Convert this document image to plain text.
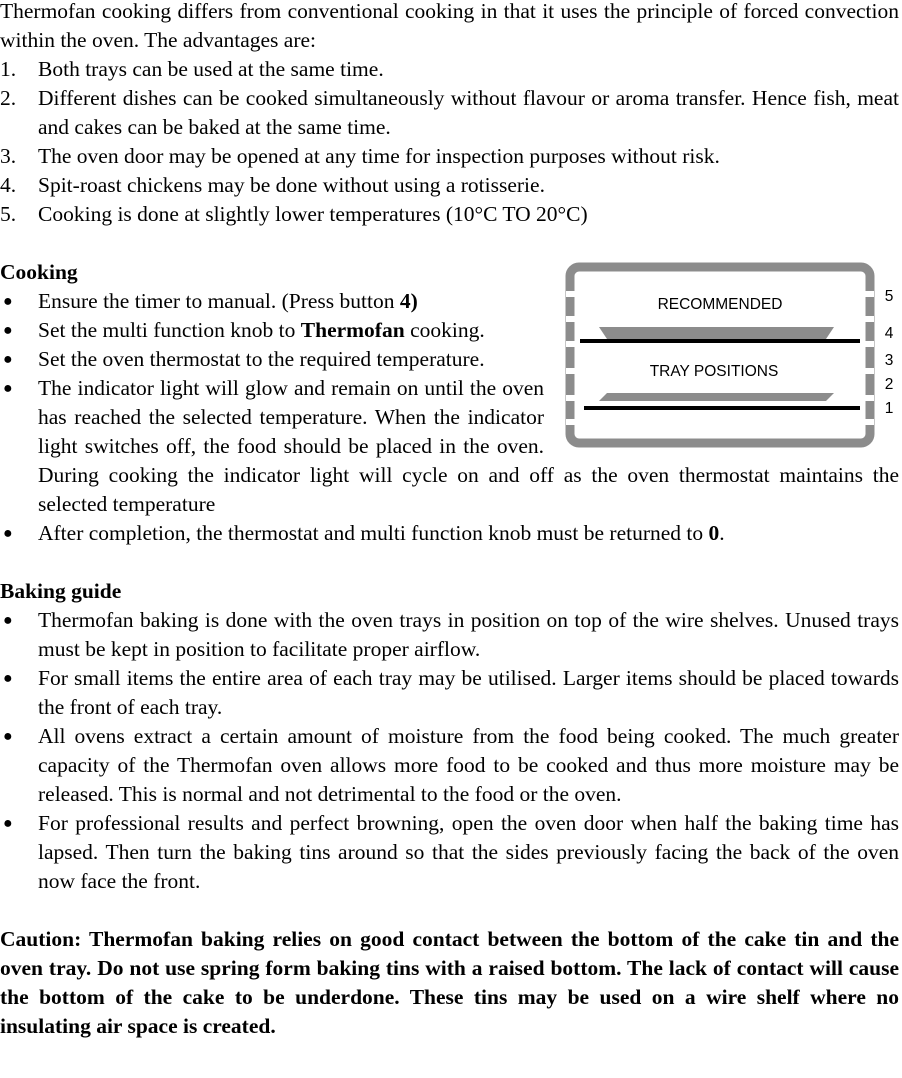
Thermofan cooking differs from conventional cooking in that it uses the principle of forced convection within the oven. The advantages are:

1. Both trays can be used at the same time.
2. Different dishes can be cooked simultaneously without flavour or aroma transfer. Hence fish, meat and cakes can be baked at the same time.
3. The oven door may be opened at any time for inspection purposes without risk.
4. Spit-roast chickens may be done without using a rotisserie.
5. Cooking is done at slightly lower temperatures (10°C TO 20°C)
RECOMMENDED
TRAY POSITIONS
5
4
3
2
1

Cooking

● Ensure the timer to manual. (Press button 4)
● Set the multi function knob to Thermofan cooking.
● Set the oven thermostat to the required temperature.
● The indicator light will glow and remain on until the oven has reached the selected temperature. When the indicator light switches off, the food should be placed in the oven. During cooking the indicator light will cycle on and off as the oven thermostat maintains the selected temperature
● After completion, the thermostat and multi function knob must be returned to 0.

Baking guide

● Thermofan baking is done with the oven trays in position on top of the wire shelves. Unused trays must be kept in position to facilitate proper airflow.
● For small items the entire area of each tray may be utilised. Larger items should be placed towards the front of each tray.
● All ovens extract a certain amount of moisture from the food being cooked. The much greater capacity of the Thermofan oven allows more food to be cooked and thus more moisture may be released. This is normal and not detrimental to the food or the oven.
● For professional results and perfect browning, open the oven door when half the baking time has lapsed. Then turn the baking tins around so that the sides previously facing the back of the oven now face the front.

Caution: Thermofan baking relies on good contact between the bottom of the cake tin and the oven tray. Do not use spring form baking tins with a raised bottom. The lack of contact will cause the bottom of the cake to be underdone. These tins may be used on a wire shelf where no insulating air space is created.
